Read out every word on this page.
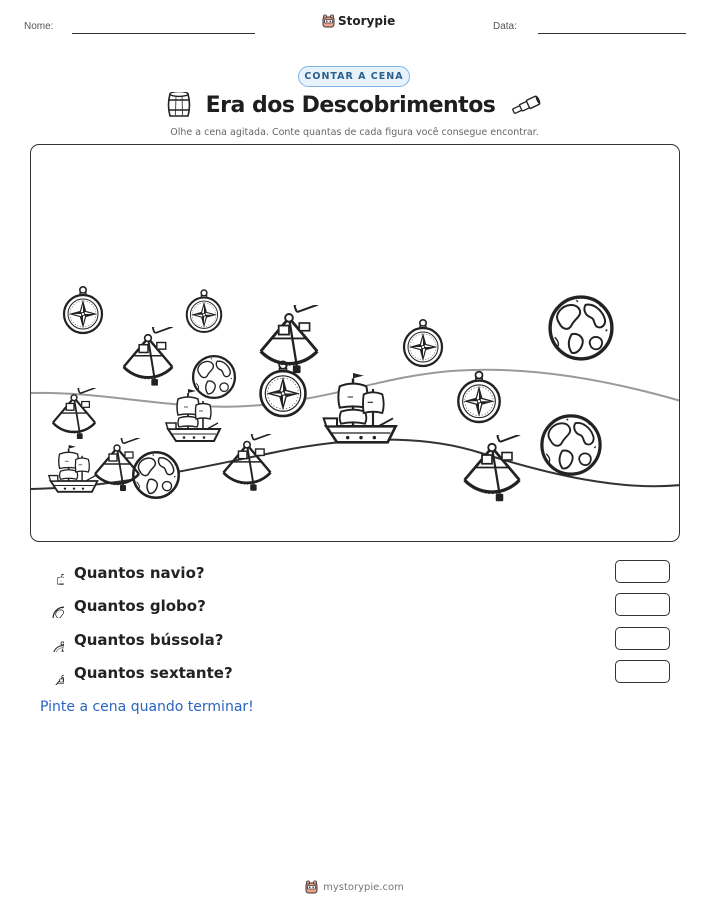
Nome:	Storypie	Data:
CONTAR A CENA
Era dos Descobrimentos
Olhe a cena agitada. Conte quantas de cada figura você consegue encontrar.
Quantos navio?
Quantos globo?
Quantos bússola?
Quantos sextante?
Pinte a cena quando terminar!
mystorypie.com
